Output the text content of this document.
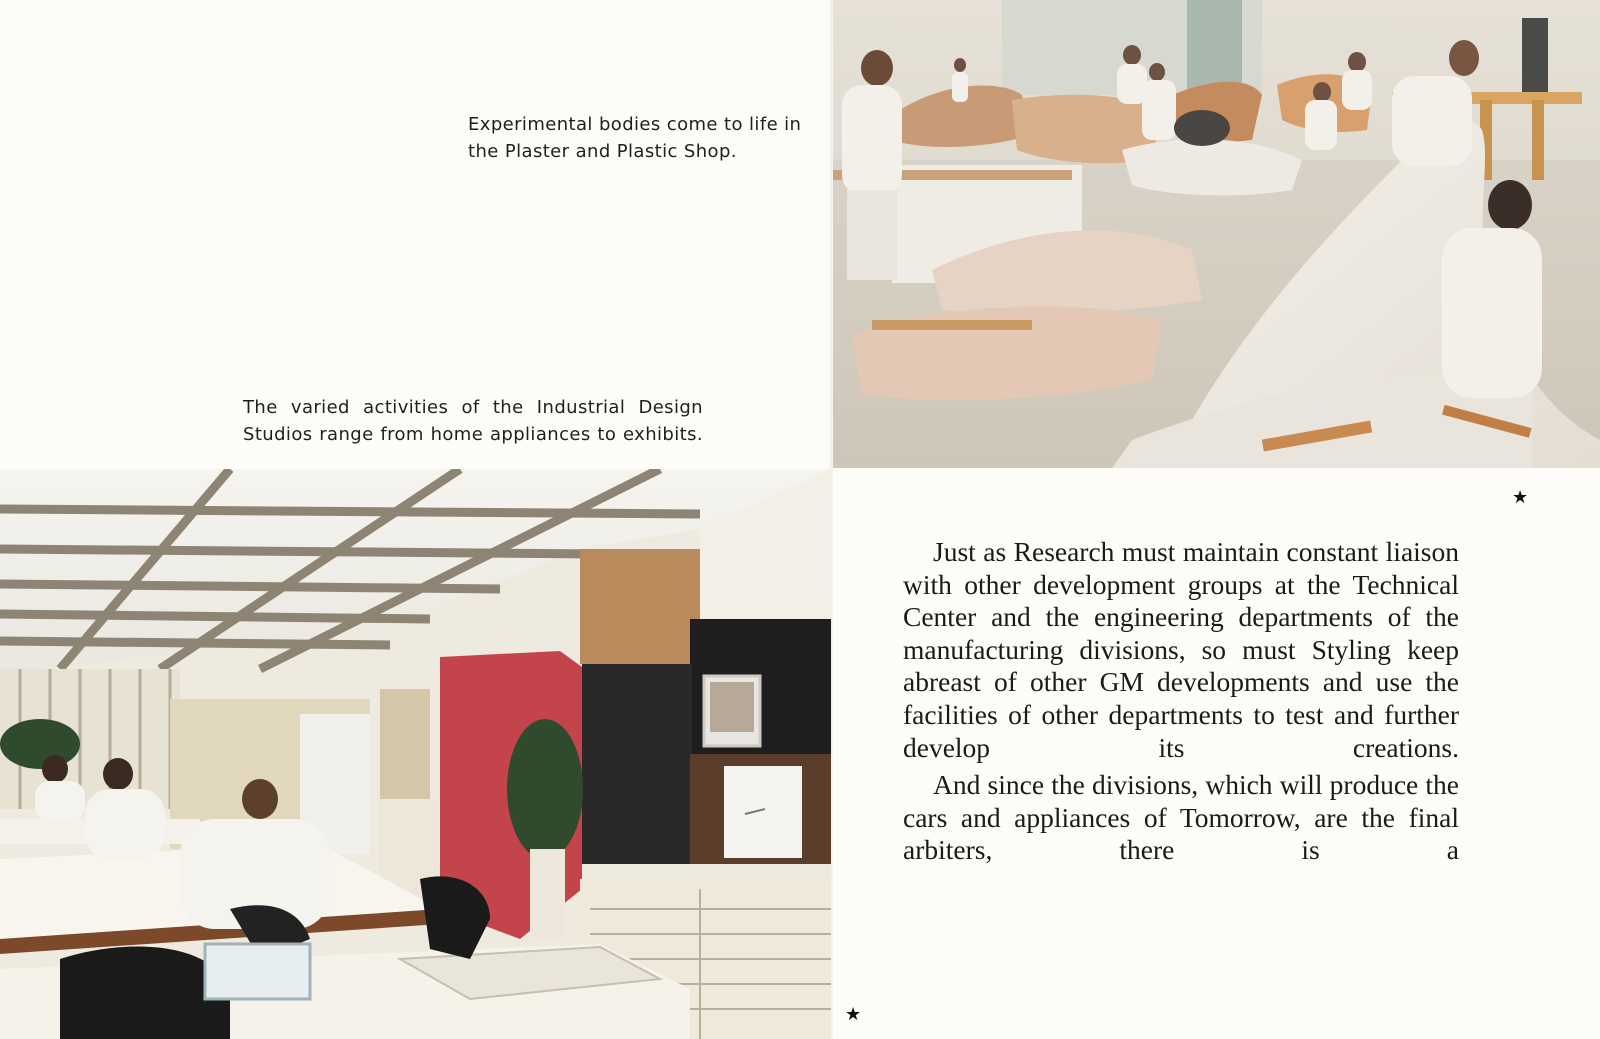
Experimental bodies come to life in the Plaster and Plastic Shop.

The varied activities of the Industrial Design Studios range from home appliances to exhibits.

★

Just as Research must maintain constant liaison with other development groups at the Technical Center and the engineering departments of the manufacturing divisions, so must Styling keep abreast of other GM developments and use the facilities of other departments to test and further develop its creations.

And since the divisions, which will produce the cars and appliances of Tomorrow, are the final arbiters, there is a

★
